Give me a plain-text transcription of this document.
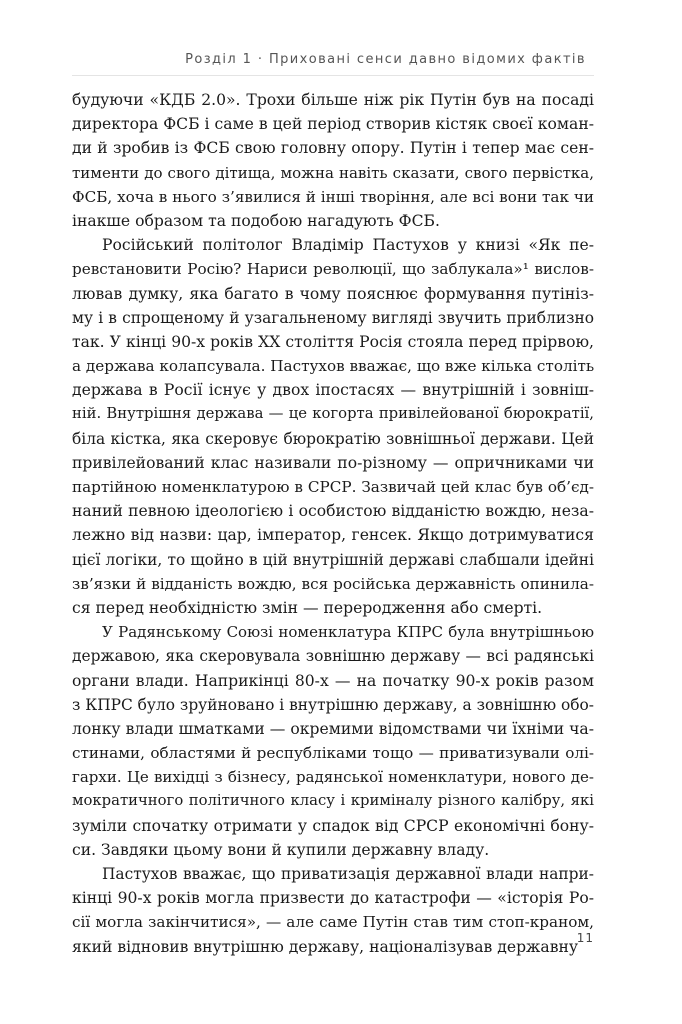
Розділ 1 · Приховані сенси давно відомих фактів
будуючи «КДБ 2.0». Трохи більше ніж рік Путін був на посаді
директора ФСБ і саме в цей період створив кістяк своєї коман-
ди й зробив із ФСБ свою головну опору. Путін і тепер має сен-
тименти до свого дітища, можна навіть сказати, свого первістка,
ФСБ, хоча в нього з’явилися й інші творіння, але всі вони так чи
інакше образом та подобою нагадують ФСБ.
Російський політолог Владімір Пастухов у книзі «Як пе-
ревстановити Росію? Нариси революції, що заблукала»¹ вислов-
лював думку, яка багато в чому пояснює формування путініз-
му і в спрощеному й узагальненому вигляді звучить приблизно
так. У кінці 90-х років ХХ століття Росія стояла перед прірвою,
а держава колапсувала. Пастухов вважає, що вже кілька століть
держава в Росії існує у двох іпостасях — внутрішній і зовніш-
ній. Внутрішня держава — це когорта привілейованої бюрократії,
біла кістка, яка скеровує бюрократію зовнішньої держави. Цей
привілейований клас називали по-різному — опричниками чи
партійною номенклатурою в СРСР. Зазвичай цей клас був об’єд-
наний певною ідеологією і особистою відданістю вождю, неза-
лежно від назви: цар, імператор, генсек. Якщо дотримуватися
цієї логіки, то щойно в цій внутрішній державі слабшали ідейні
зв’язки й відданість вождю, вся російська державність опинила-
ся перед необхідністю змін — переродження або смерті.
У Радянському Союзі номенклатура КПРС була внутрішньою
державою, яка скеровувала зовнішню державу — всі радянські
органи влади. Наприкінці 80-х — на початку 90-х років разом
з КПРС було зруйновано і внутрішню державу, а зовнішню обо-
лонку влади шматками — окремими відомствами чи їхніми ча-
стинами, областями й республіками тощо — приватизували олі-
гархи. Це вихідці з бізнесу, радянської номенклатури, нового де-
мократичного політичного класу і криміналу різного калібру, які
зуміли спочатку отримати у спадок від СРСР економічні бону-
си. Завдяки цьому вони й купили державну владу.
Пастухов вважає, що приватизація державної влади напри-
кінці 90-х років могла призвести до катастрофи — «історія Ро-
сії могла закінчитися», — але саме Путін став тим стоп-краном,
який відновив внутрішню державу, націоналізував державну
11
